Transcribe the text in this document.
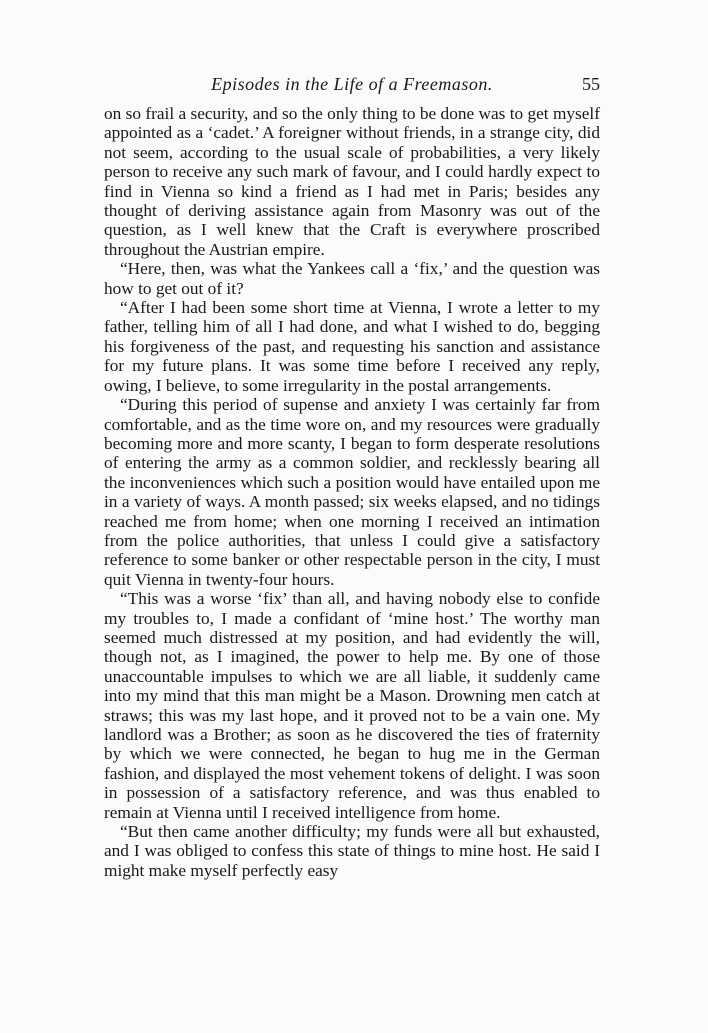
Episodes in the Life of a Freemason.	55

on so frail a security, and so the only thing to be done was to get myself appointed as a ‘cadet.’ A foreigner without friends, in a strange city, did not seem, according to the usual scale of probabilities, a very likely person to receive any such mark of favour, and I could hardly expect to find in Vienna so kind a friend as I had met in Paris; besides any thought of deriving assistance again from Masonry was out of the question, as I well knew that the Craft is everywhere proscribed throughout the Austrian empire.

“Here, then, was what the Yankees call a ‘fix,’ and the question was how to get out of it?

“After I had been some short time at Vienna, I wrote a letter to my father, telling him of all I had done, and what I wished to do, begging his forgiveness of the past, and requesting his sanction and assistance for my future plans. It was some time before I received any reply, owing, I believe, to some irregularity in the postal arrangements.

“During this period of supense and anxiety I was certainly far from comfortable, and as the time wore on, and my resources were gradually becoming more and more scanty, I began to form desperate resolutions of entering the army as a common soldier, and recklessly bearing all the inconveniences which such a position would have entailed upon me in a variety of ways. A month passed; six weeks elapsed, and no tidings reached me from home; when one morning I received an intimation from the police authorities, that unless I could give a satisfactory reference to some banker or other respectable person in the city, I must quit Vienna in twenty-four hours.

“This was a worse ‘fix’ than all, and having nobody else to confide my troubles to, I made a confidant of ‘mine host.’ The worthy man seemed much distressed at my position, and had evidently the will, though not, as I imagined, the power to help me. By one of those unaccountable impulses to which we are all liable, it suddenly came into my mind that this man might be a Mason. Drowning men catch at straws; this was my last hope, and it proved not to be a vain one. My landlord was a Brother; as soon as he discovered the ties of fraternity by which we were connected, he began to hug me in the German fashion, and displayed the most vehement tokens of delight. I was soon in possession of a satisfactory reference, and was thus enabled to remain at Vienna until I received intelligence from home.

“But then came another difficulty; my funds were all but exhausted, and I was obliged to confess this state of things to mine host. He said I might make myself perfectly easy
